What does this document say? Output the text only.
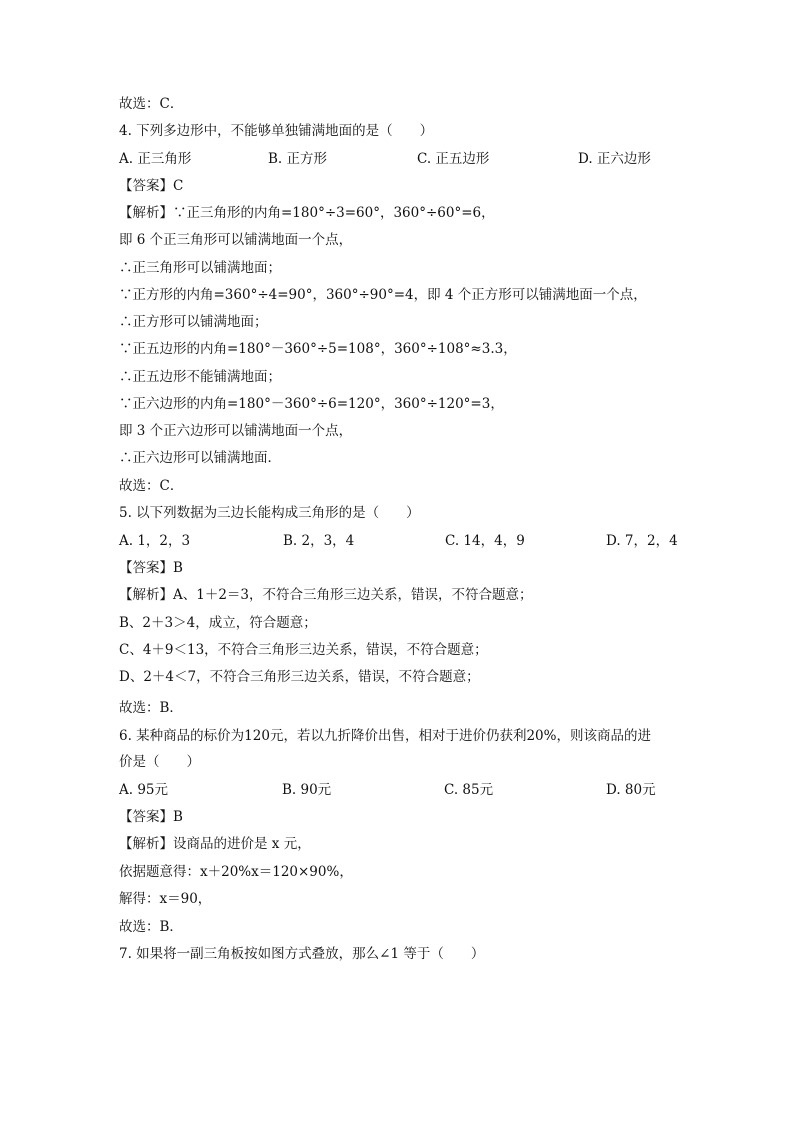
故选：C．
4. 下列多边形中，不能够单独铺满地面的是（　　）
A. 正三角形	B. 正方形	C. 正五边形	D. 正六边形
【答案】C
【解析】∵正三角形的内角=180°÷3=60°，360°÷60°=6，
即 6 个正三角形可以铺满地面一个点，
∴正三角形可以铺满地面；
∵正方形的内角=360°÷4=90°，360°÷90°=4，即 4 个正方形可以铺满地面一个点，
∴正方形可以铺满地面；
∵正五边形的内角=180°－360°÷5=108°，360°÷108°≈3.3，
∴正五边形不能铺满地面；
∵正六边形的内角=180°－360°÷6=120°，360°÷120°=3，
即 3 个正六边形可以铺满地面一个点，
∴正六边形可以铺满地面．
故选：C．
5. 以下列数据为三边长能构成三角形的是（　　）
A. 1，2，3	B. 2，3，4	C. 14，4，9	D. 7，2，4
【答案】B
【解析】A、1＋2＝3，不符合三角形三边关系，错误，不符合题意；
B、2＋3＞4，成立，符合题意；
C、4＋9＜13，不符合三角形三边关系，错误，不符合题意；
D、2＋4＜7，不符合三角形三边关系，错误，不符合题意；
故选：B．
6. 某种商品的标价为120元，若以九折降价出售，相对于进价仍获利20%，则该商品的进
价是（　　）
A. 95元	B. 90元	C. 85元	D. 80元
【答案】B
【解析】设商品的进价是 x 元，
依据题意得：x＋20%x＝120×90%，
解得：x＝90，
故选：B．
7. 如果将一副三角板按如图方式叠放，那么∠1 等于（　　）
